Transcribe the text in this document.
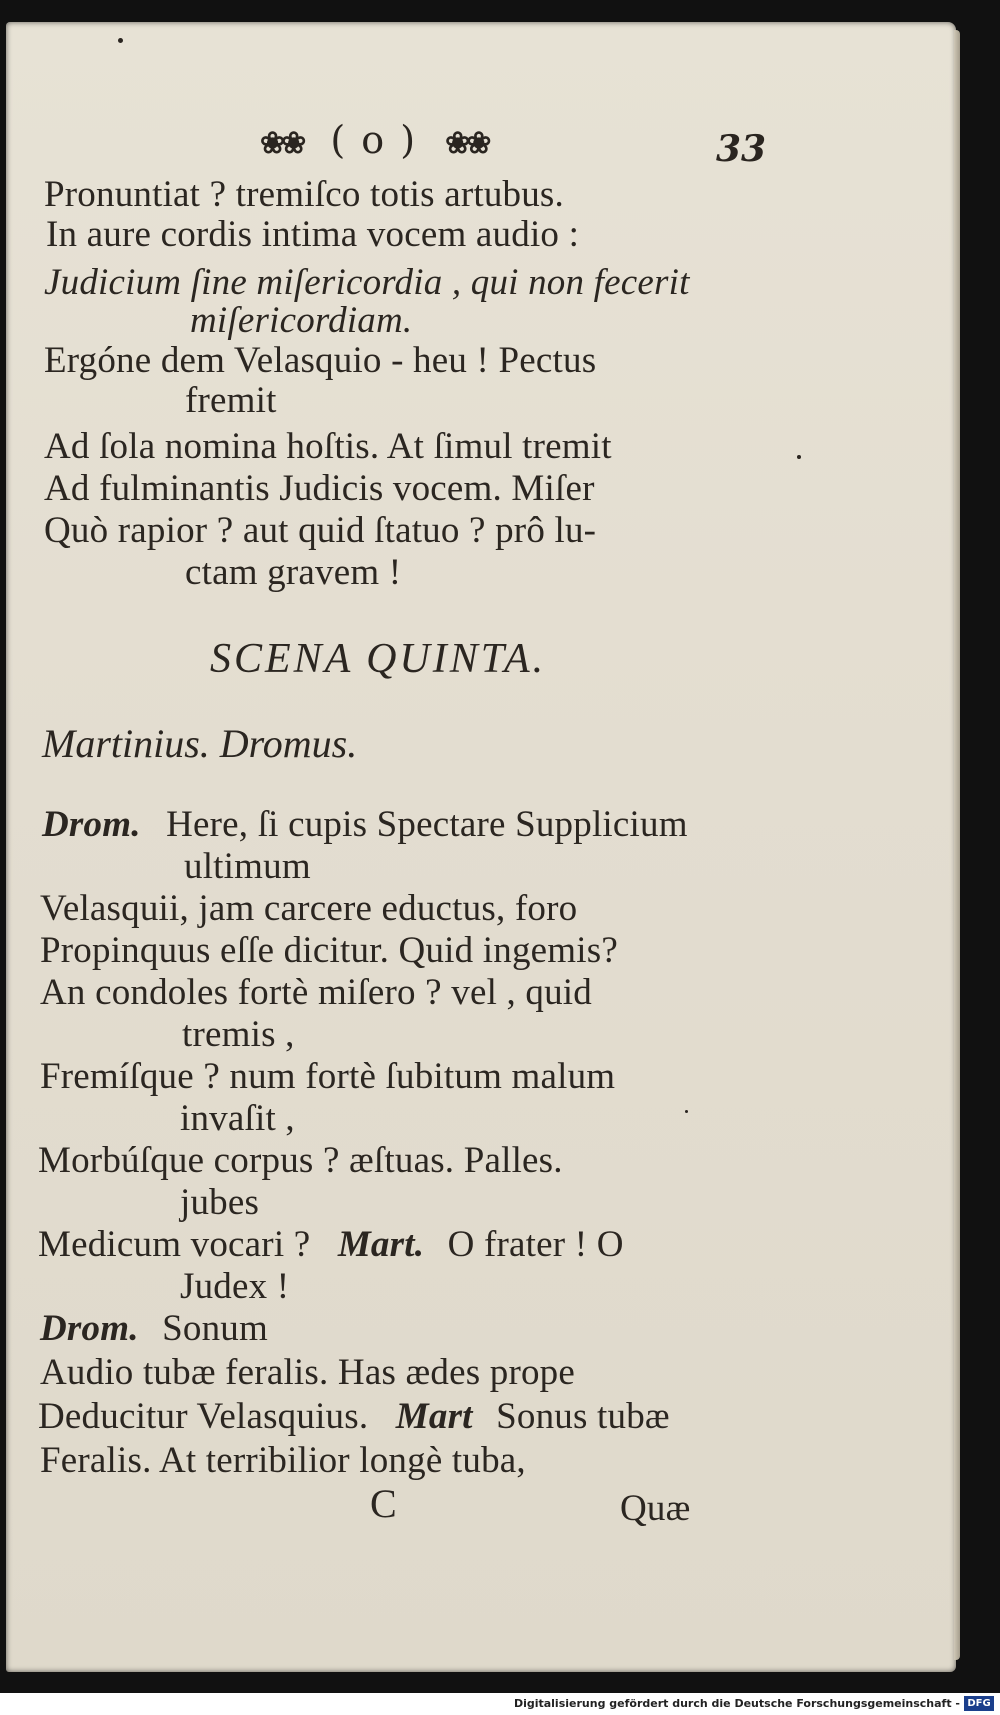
❀❀ ( o ) ❀❀	33
Pronuntiat ? tremiſco totis artubus.
In aure cordis intima vocem audio :
Judicium ſine miſericordia , qui non fecerit
miſericordiam.
Ergóne dem Velasquio - heu ! Pectus
fremit
Ad ſola nomina hoſtis. At ſimul tremit
Ad fulminantis Judicis vocem. Miſer
Quò rapior ? aut quid ſtatuo ? prô lu-
ctam gravem !
SCENA QUINTA.
Martinius. Dromus.
Drom. Here, ſi cupis Spectare Supplicium
ultimum
Velasquii, jam carcere eductus, foro
Propinquus eſſe dicitur. Quid ingemis?
An condoles fortè miſero ? vel , quid
tremis ,
Fremíſque ? num fortè ſubitum malum
invaſit ,
Morbúſque corpus ? æſtuas. Palles.
jubes
Medicum vocari ? Mart. O frater ! O
Judex !
Drom. Sonum
Audio tubæ feralis. Has ædes prope
Deducitur Velasquius. Mart Sonus tubæ
Feralis. At terribilior longè tuba,
C	Quæ
Digitalisierung gefördert durch die Deutsche Forschungsgemeinschaft - DFG
